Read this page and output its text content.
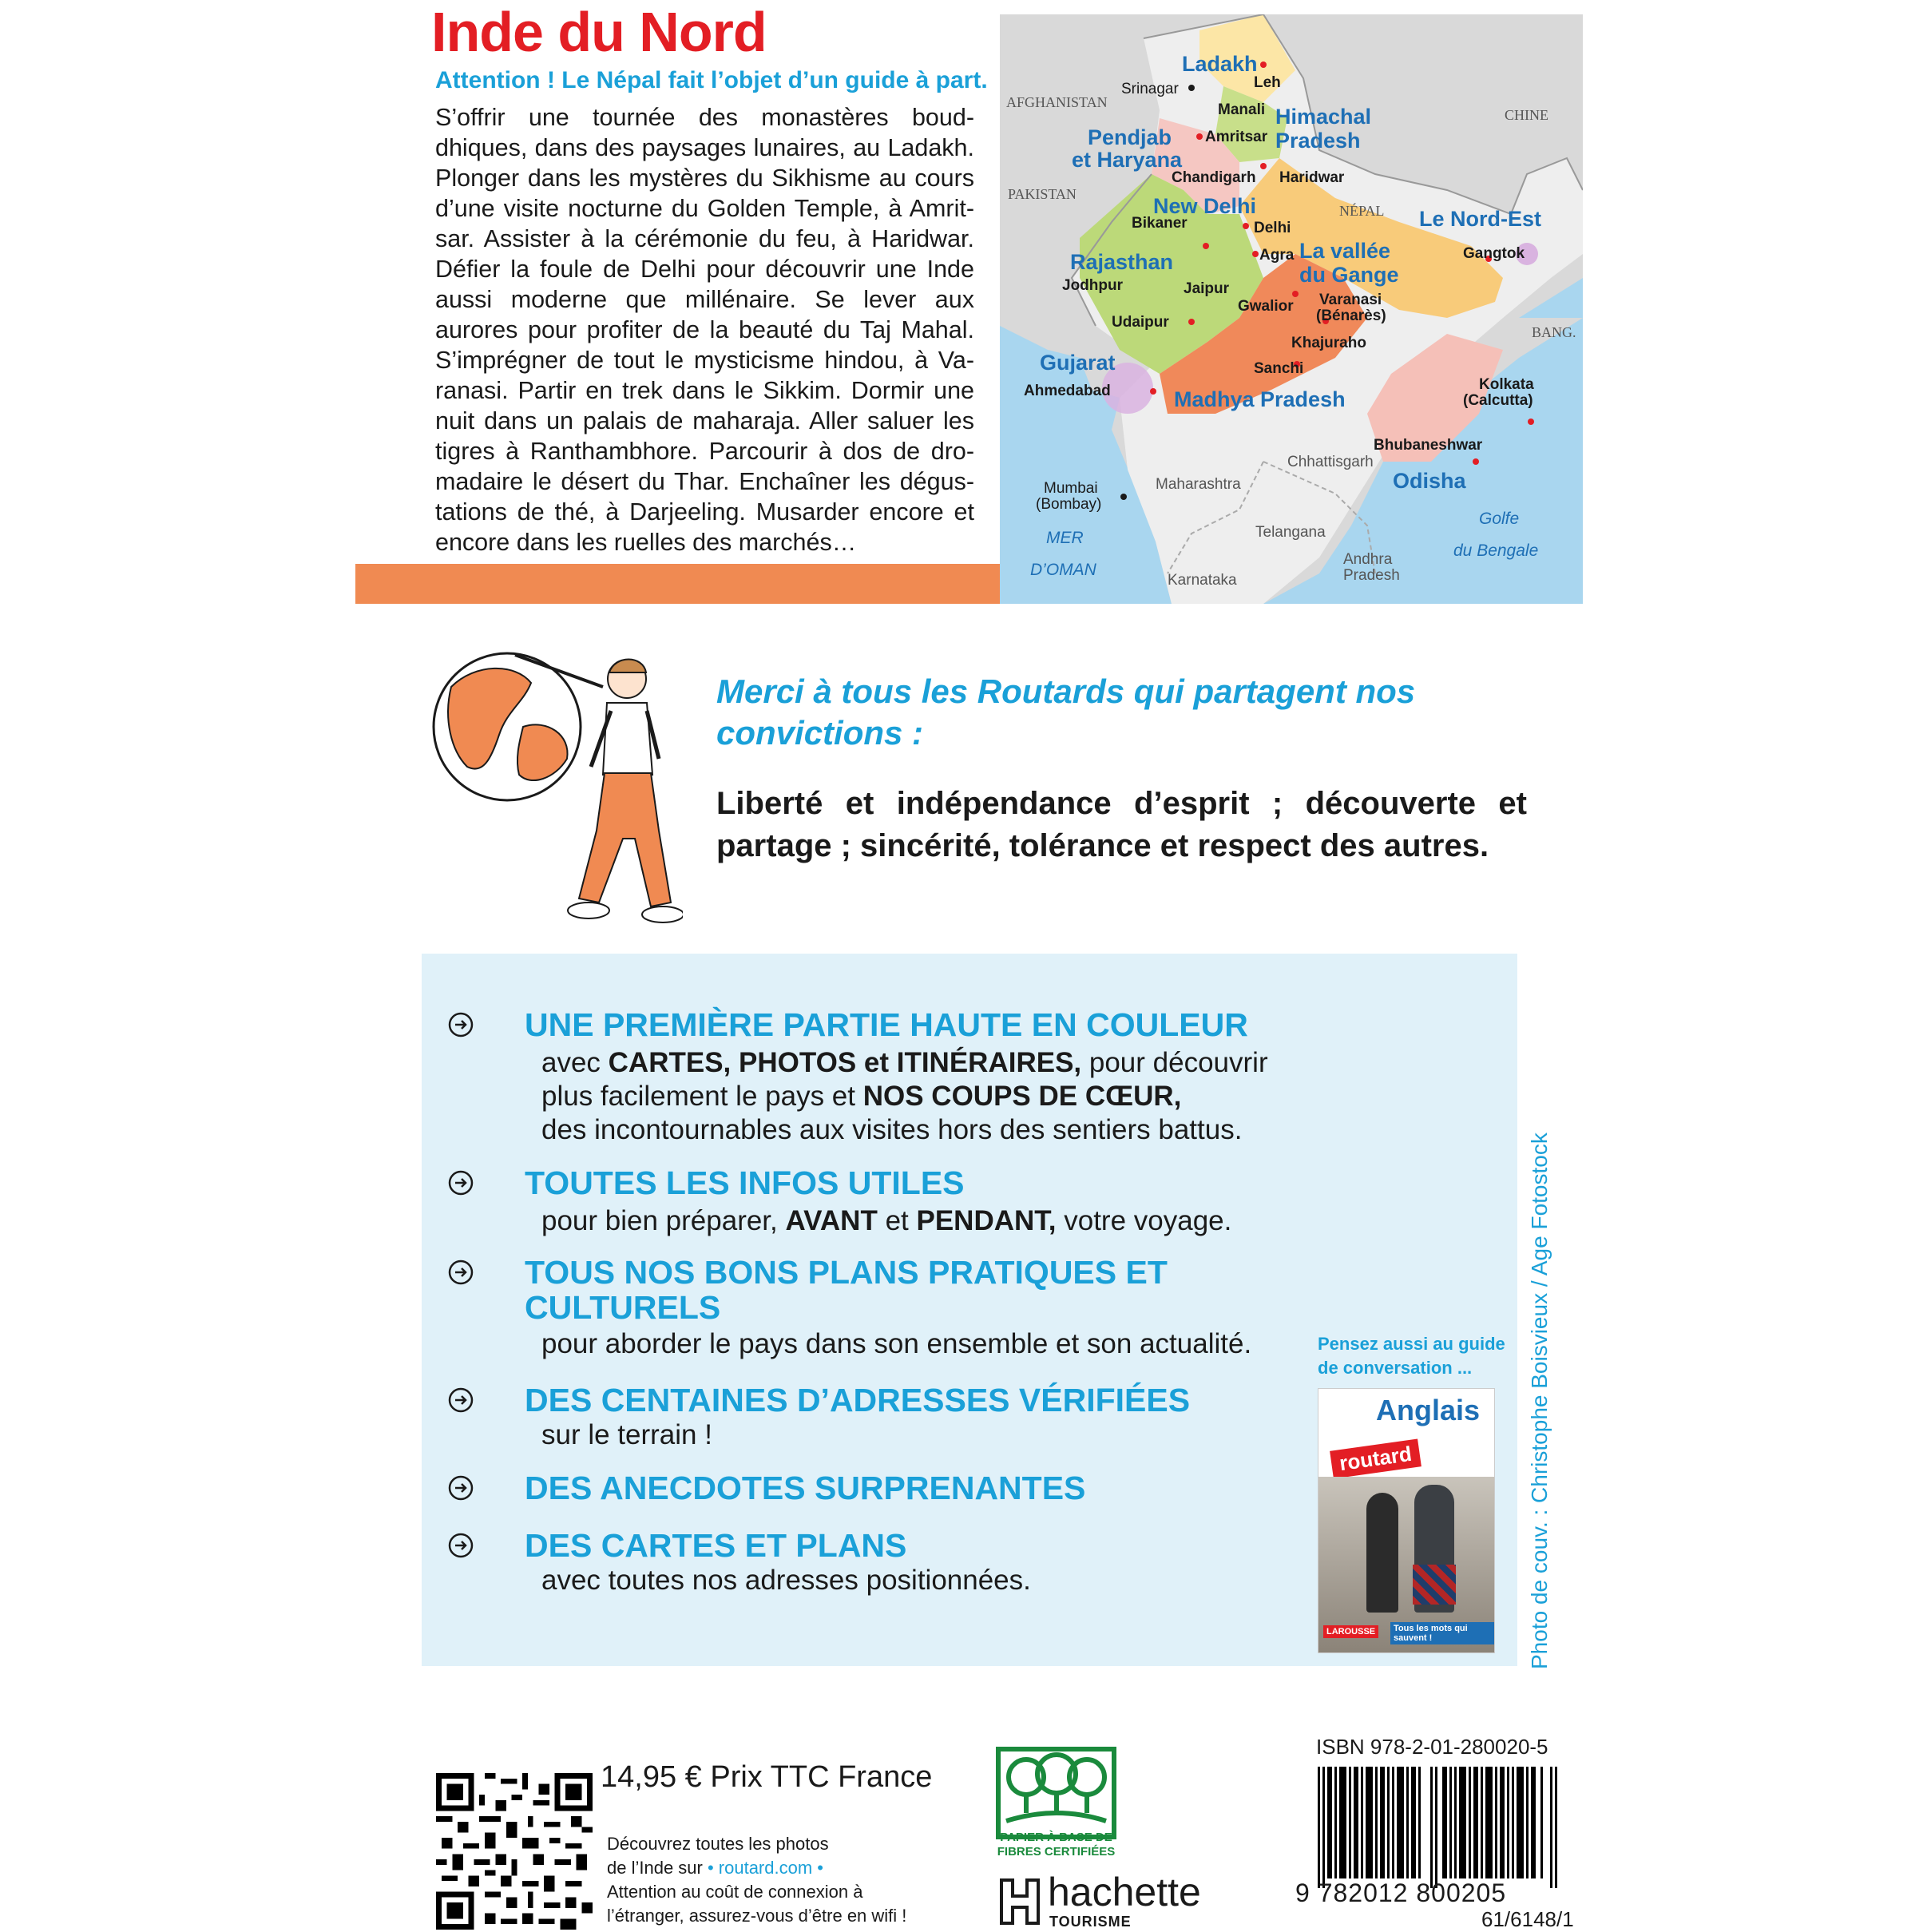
Inde du Nord
Attention ! Le Népal fait l’objet d’un guide à part.
S’offrir une tournée des monastères bouddhiques, dans des paysages lunaires, au Ladakh. Plonger dans les mystères du Sikhisme au cours d’une visite nocturne du Golden Temple, à Amritsar. Assister à la cérémonie du feu, à Haridwar. Défier la foule de Delhi pour découvrir une Inde aussi moderne que millénaire. Se lever aux aurores pour profiter de la beauté du Taj Mahal. S’imprégner de tout le mysticisme hindou, à Varanasi. Partir en trek dans le Sikkim. Dormir une nuit dans un palais de maharaja. Aller saluer les tigres à Ranthambhore. Parcourir à dos de dromadaire le désert du Thar. Enchaîner les dégustations de thé, à Darjeeling. Musarder encore et encore dans les ruelles des marchés…
Ladakh
Leh
Srinagar
AFGHANISTAN
CHINE
Manali Himachal
Pradesh
Pendjab
et Haryana
Amritsar
Chandigarh Haridwar
PAKISTAN	New Delhi	NÉPAL Le Nord-Est
Bikaner	Delhi
Gangtok
Rajasthan	Agra La vallée
du Gange
Jodhpur	Jaipur
Gwalior Varanasi
(Bénarès)
BANG.
Udaipur
Khajuraho
Gujarat	Sanchi
Ahmedabad	Madhya Pradesh
Kolkata
(Calcutta)
Bhubaneshwar
Chhattisgarh
Odisha
Maharashtra
Mumbai
(Bombay)
Golfe
Telangana
MER
du Bengale
Andhra
D’OMAN	Pradesh
Karnataka
Merci à tous les Routards qui partagent nos convictions :
Liberté et indépendance d’esprit ; découverte et partage ; sincérité, tolérance et respect des autres.
UNE PREMIÈRE PARTIE HAUTE EN COULEUR
avec CARTES, PHOTOS et ITINÉRAIRES, pour découvrir
plus facilement le pays et NOS COUPS DE CŒUR,
des incontournables aux visites hors des sentiers battus.
TOUTES LES INFOS UTILES
pour bien préparer, AVANT et PENDANT, votre voyage.
TOUS NOS BONS PLANS PRATIQUES ET
CULTURELS
pour aborder le pays dans son ensemble et son actualité.
DES CENTAINES D’ADRESSES VÉRIFIÉES
sur le terrain !
DES ANECDOTES SURPRENANTES
DES CARTES ET PLANS
avec toutes nos adresses positionnées.
Pensez aussi au guide
de conversation ...
Anglais
routard
Tous les mots qui sauvent !
LAROUSSE	Photo de couv. : Christophe Boisvieux / Age Fotostock
14,95 € Prix TTC France
Découvrez toutes les photos
de l’Inde sur • routard.com •
Attention au coût de connexion à
l’étranger, assurez-vous d’être en wifi !
PAPIER À BASE DE
FIBRES CERTIFIÉES
hachette
TOURISME
ISBN 978-2-01-280020-5
9 782012 800205
61/6148/1
